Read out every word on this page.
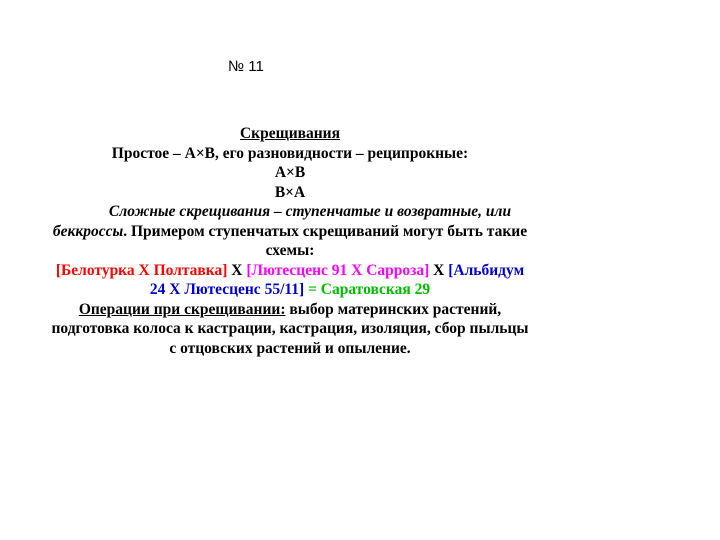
№ 11

Скрещивания

Простое – А×В, его разновидности – реципрокные:

А×В

В×А

Сложные скрещивания – ступенчатые и возвратные, или беккроссы. Примером ступенчатых скрещиваний могут быть такие схемы:

[Белотурка Х Полтавка] Х [Лютесценс 91 Х Сарроза] Х [Альбидум 24 Х Лютесценс 55/11] = Саратовская 29

Операции при скрещивании: выбор материнских растений, подготовка колоса к кастрации, кастрация, изоляция, сбор пыльцы с отцовских растений и опыление.
